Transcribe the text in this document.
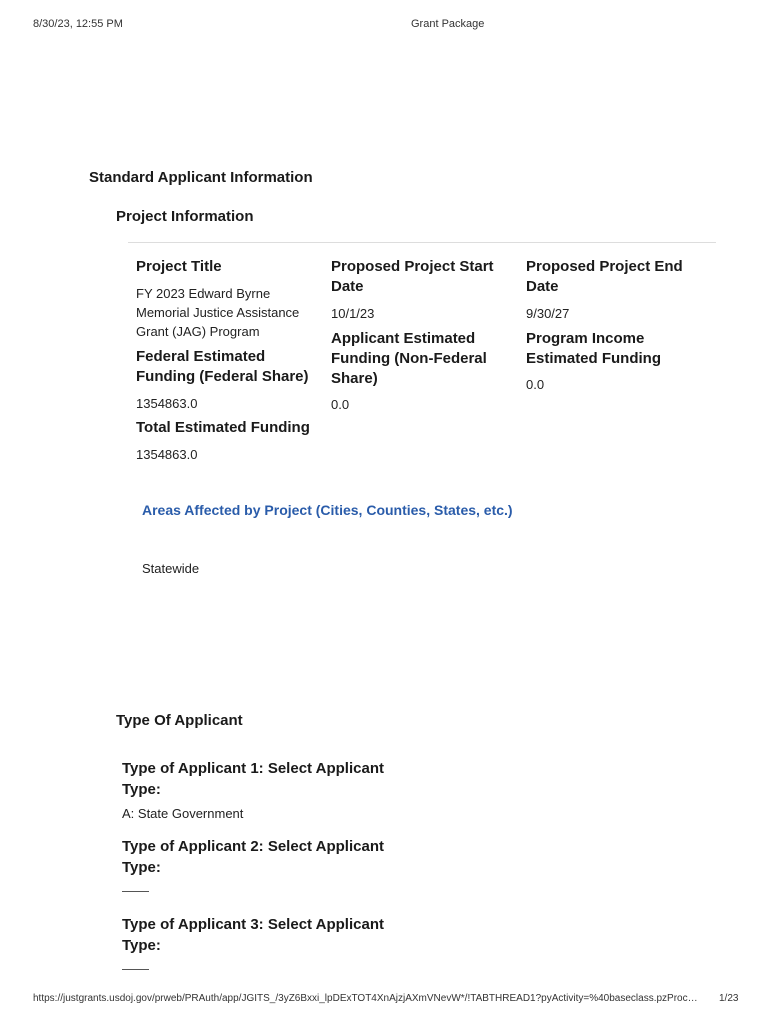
8/30/23, 12:55 PM	Grant Package
Standard Applicant Information
Project Information
Project Title
FY 2023 Edward Byrne Memorial Justice Assistance Grant (JAG) Program
Federal Estimated Funding (Federal Share)
1354863.0
Total Estimated Funding
1354863.0
Proposed Project Start Date
10/1/23
Applicant Estimated Funding (Non-Federal Share)
0.0
Proposed Project End Date
9/30/27
Program Income Estimated Funding
0.0
Areas Affected by Project (Cities, Counties, States, etc.)
Statewide
Type Of Applicant
Type of Applicant 1: Select Applicant Type:
A: State Government
Type of Applicant 2: Select Applicant Type:
Type of Applicant 3: Select Applicant Type:
https://justgrants.usdoj.gov/prweb/PRAuth/app/JGITS_/3yZ6Bxxi_lpDExTOT4XnAjzjAXmVNevW*/!TABTHREAD1?pyActivity=%40baseclass.pzProc…	1/23
